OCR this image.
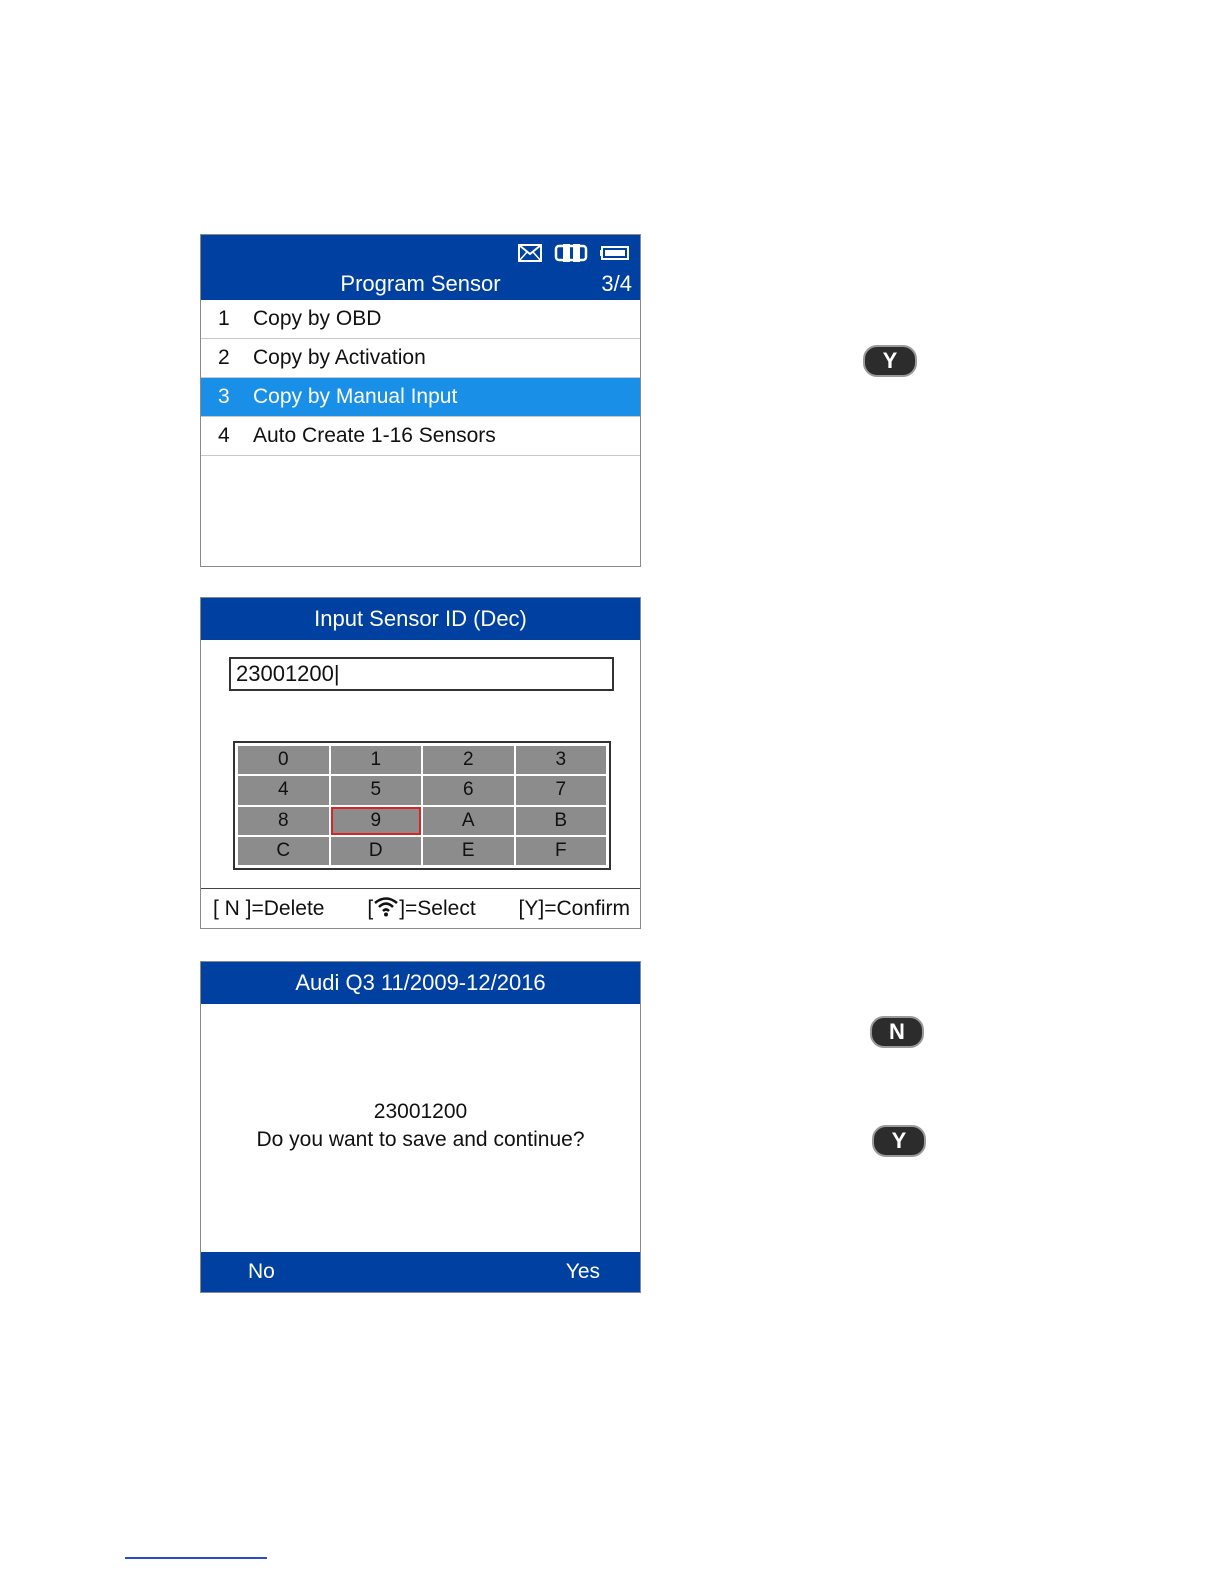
Program Sensor	3/4
1	Copy by OBD
2	Copy by Activation
3	Copy by Manual Input
4	Auto Create 1-16 Sensors
Y
Input Sensor ID (Dec)
23001200|
0	1	2	3
4	5	6	7
8	9	A	B
C	D	E	F
[ N ]=Delete [ ]=Select [Y]=Confirm
Audi Q3 11/2009-12/2016
23001200
Do you want to save and continue?
No	Yes
N
Y
